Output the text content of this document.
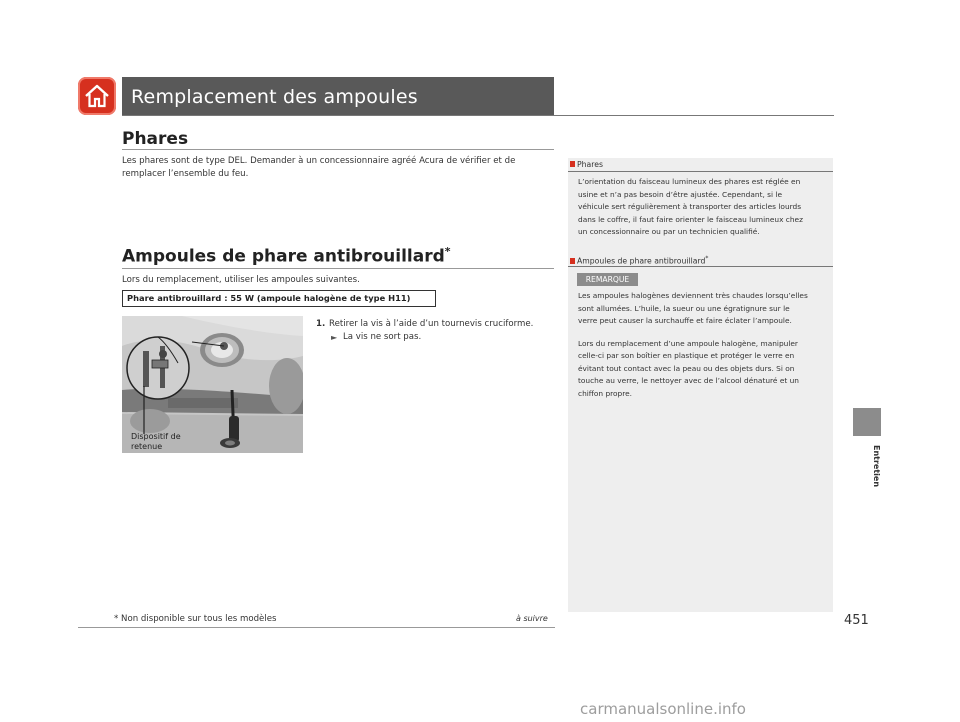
Remplacement des ampoules
Phares
Les phares sont de type DEL. Demander à un concessionnaire agréé Acura de vérifier et de remplacer l’ensemble du feu.
Ampoules de phare antibrouillard*
Lors du remplacement, utiliser les ampoules suivantes.
Phare antibrouillard : 55 W (ampoule halogène de type H11)
1. Retirer la vis à l’aide d’un tournevis cruciforme.
► La vis ne sort pas.
Dispositif de
retenue
Phares
L’orientation du faisceau lumineux des phares est réglée en
usine et n’a pas besoin d’être ajustée. Cependant, si le
véhicule sert régulièrement à transporter des articles lourds
dans le coffre, il faut faire orienter le faisceau lumineux chez
un concessionnaire ou par un technicien qualifié.
Ampoules de phare antibrouillard*
REMARQUE
Les ampoules halogènes deviennent très chaudes lorsqu’elles
sont allumées. L’huile, la sueur ou une égratignure sur le
verre peut causer la surchauffe et faire éclater l’ampoule.
Lors du remplacement d’une ampoule halogène, manipuler
celle-ci par son boîtier en plastique et protéger le verre en
évitant tout contact avec la peau ou des objets durs. Si on
touche au verre, le nettoyer avec de l’alcool dénaturé et un
chiffon propre.
Entretien
* Non disponible sur tous les modèles	à suivre	451
carmanualsonline.info
